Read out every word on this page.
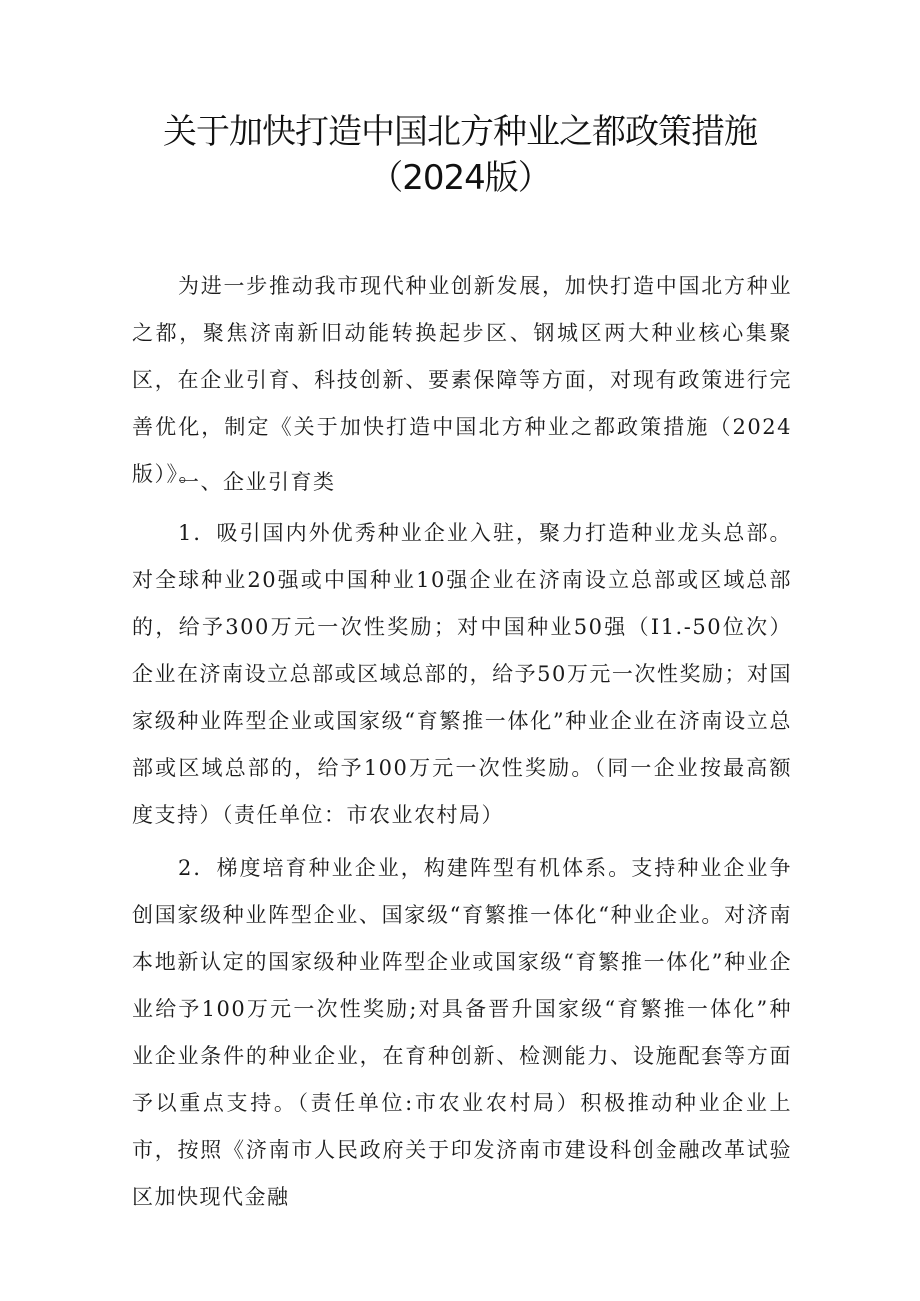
关于加快打造中国北方种业之都政策措施
（2024版）

为进一步推动我市现代种业创新发展，加快打造中国北方种业之都，聚焦济南新旧动能转换起步区、钢城区两大种业核心集聚区，在企业引育、科技创新、要素保障等方面，对现有政策进行完善优化，制定《关于加快打造中国北方种业之都政策措施（2024版）》。

一、企业引育类

1．吸引国内外优秀种业企业入驻，聚力打造种业龙头总部。对全球种业20强或中国种业10强企业在济南设立总部或区域总部的，给予300万元一次性奖励；对中国种业50强（I1.-50位次）企业在济南设立总部或区域总部的，给予50万元一次性奖励；对国家级种业阵型企业或国家级“育繁推一体化”种业企业在济南设立总部或区域总部的，给予100万元一次性奖励。（同一企业按最高额度支持）（责任单位：市农业农村局）

2．梯度培育种业企业，构建阵型有机体系。支持种业企业争创国家级种业阵型企业、国家级“育繁推一体化“种业企业。对济南本地新认定的国家级种业阵型企业或国家级“育繁推一体化”种业企业给予100万元一次性奖励;对具备晋升国家级“育繁推一体化”种业企业条件的种业企业，在育种创新、检测能力、设施配套等方面予以重点支持。（责任单位:市农业农村局）积极推动种业企业上市，按照《济南市人民政府关于印发济南市建设科创金融改革试验区加快现代金融
